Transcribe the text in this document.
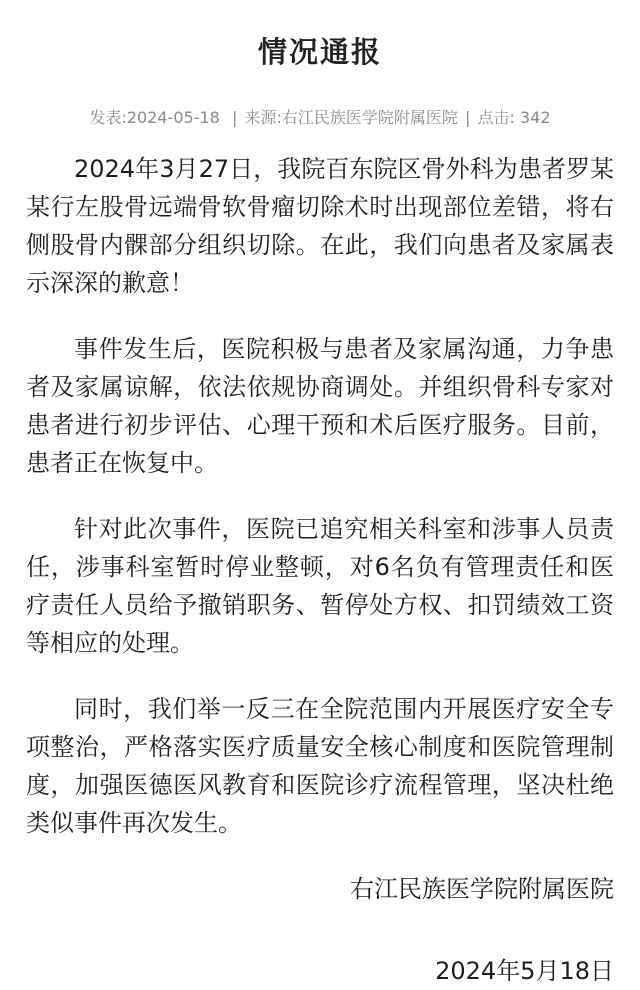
情况通报
发表:2024-05-18  | 来源:右江民族医学院附属医院 | 点击: 342

2024年3月27日，我院百东院区骨外科为患者罗某某行左股骨远端骨软骨瘤切除术时出现部位差错，将右侧股骨内髁部分组织切除。在此，我们向患者及家属表示深深的歉意！

事件发生后，医院积极与患者及家属沟通，力争患者及家属谅解，依法依规协商调处。并组织骨科专家对患者进行初步评估、心理干预和术后医疗服务。目前，患者正在恢复中。

针对此次事件，医院已追究相关科室和涉事人员责任，涉事科室暂时停业整顿，对6名负有管理责任和医疗责任人员给予撤销职务、暂停处方权、扣罚绩效工资等相应的处理。

同时，我们举一反三在全院范围内开展医疗安全专项整治，严格落实医疗质量安全核心制度和医院管理制度，加强医德医风教育和医院诊疗流程管理，坚决杜绝类似事件再次发生。

右江民族医学院附属医院

2024年5月18日
